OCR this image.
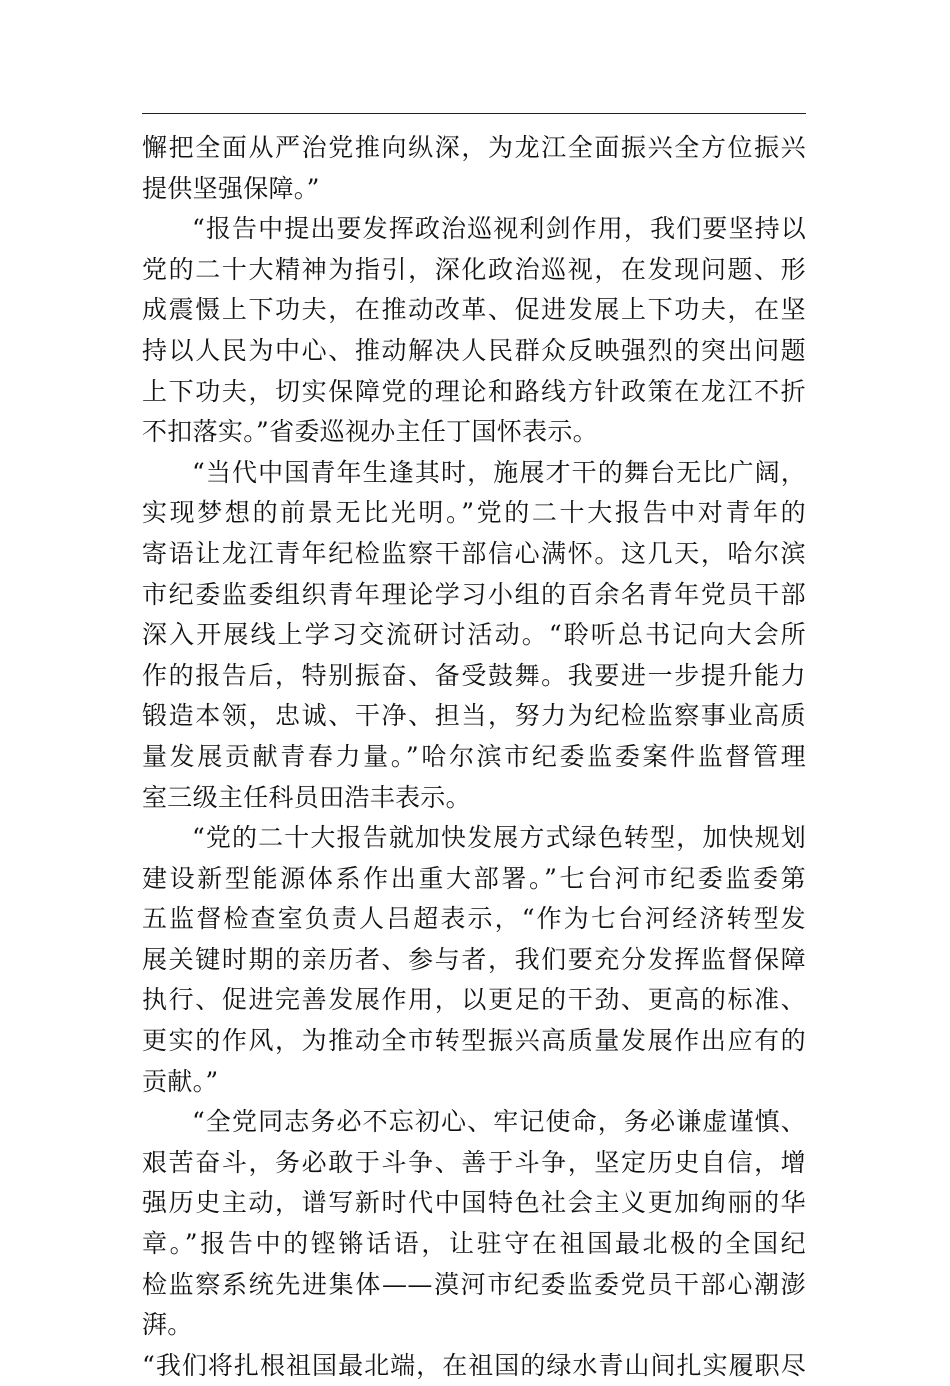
懈把全面从严治党推向纵深，为龙江全面振兴全方位振兴
提供坚强保障。”
“报告中提出要发挥政治巡视利剑作用，我们要坚持以
党的二十大精神为指引，深化政治巡视，在发现问题、形
成震慑上下功夫，在推动改革、促进发展上下功夫，在坚
持以人民为中心、推动解决人民群众反映强烈的突出问题
上下功夫，切实保障党的理论和路线方针政策在龙江不折
不扣落实。”省委巡视办主任丁国怀表示。
“当代中国青年生逢其时，施展才干的舞台无比广阔，
实现梦想的前景无比光明。”党的二十大报告中对青年的
寄语让龙江青年纪检监察干部信心满怀。这几天，哈尔滨
市纪委监委组织青年理论学习小组的百余名青年党员干部
深入开展线上学习交流研讨活动。“聆听总书记向大会所
作的报告后，特别振奋、备受鼓舞。我要进一步提升能力
锻造本领，忠诚、干净、担当，努力为纪检监察事业高质
量发展贡献青春力量。”哈尔滨市纪委监委案件监督管理
室三级主任科员田浩丰表示。
“党的二十大报告就加快发展方式绿色转型，加快规划
建设新型能源体系作出重大部署。”七台河市纪委监委第
五监督检查室负责人吕超表示，“作为七台河经济转型发
展关键时期的亲历者、参与者，我们要充分发挥监督保障
执行、促进完善发展作用，以更足的干劲、更高的标准、
更实的作风，为推动全市转型振兴高质量发展作出应有的
贡献。”
“全党同志务必不忘初心、牢记使命，务必谦虚谨慎、
艰苦奋斗，务必敢于斗争、善于斗争，坚定历史自信，增
强历史主动，谱写新时代中国特色社会主义更加绚丽的华
章。”报告中的铿锵话语，让驻守在祖国最北极的全国纪
检监察系统先进集体——漠河市纪委监委党员干部心潮澎
湃。
“我们将扎根祖国最北端，在祖国的绿水青山间扎实履职尽
